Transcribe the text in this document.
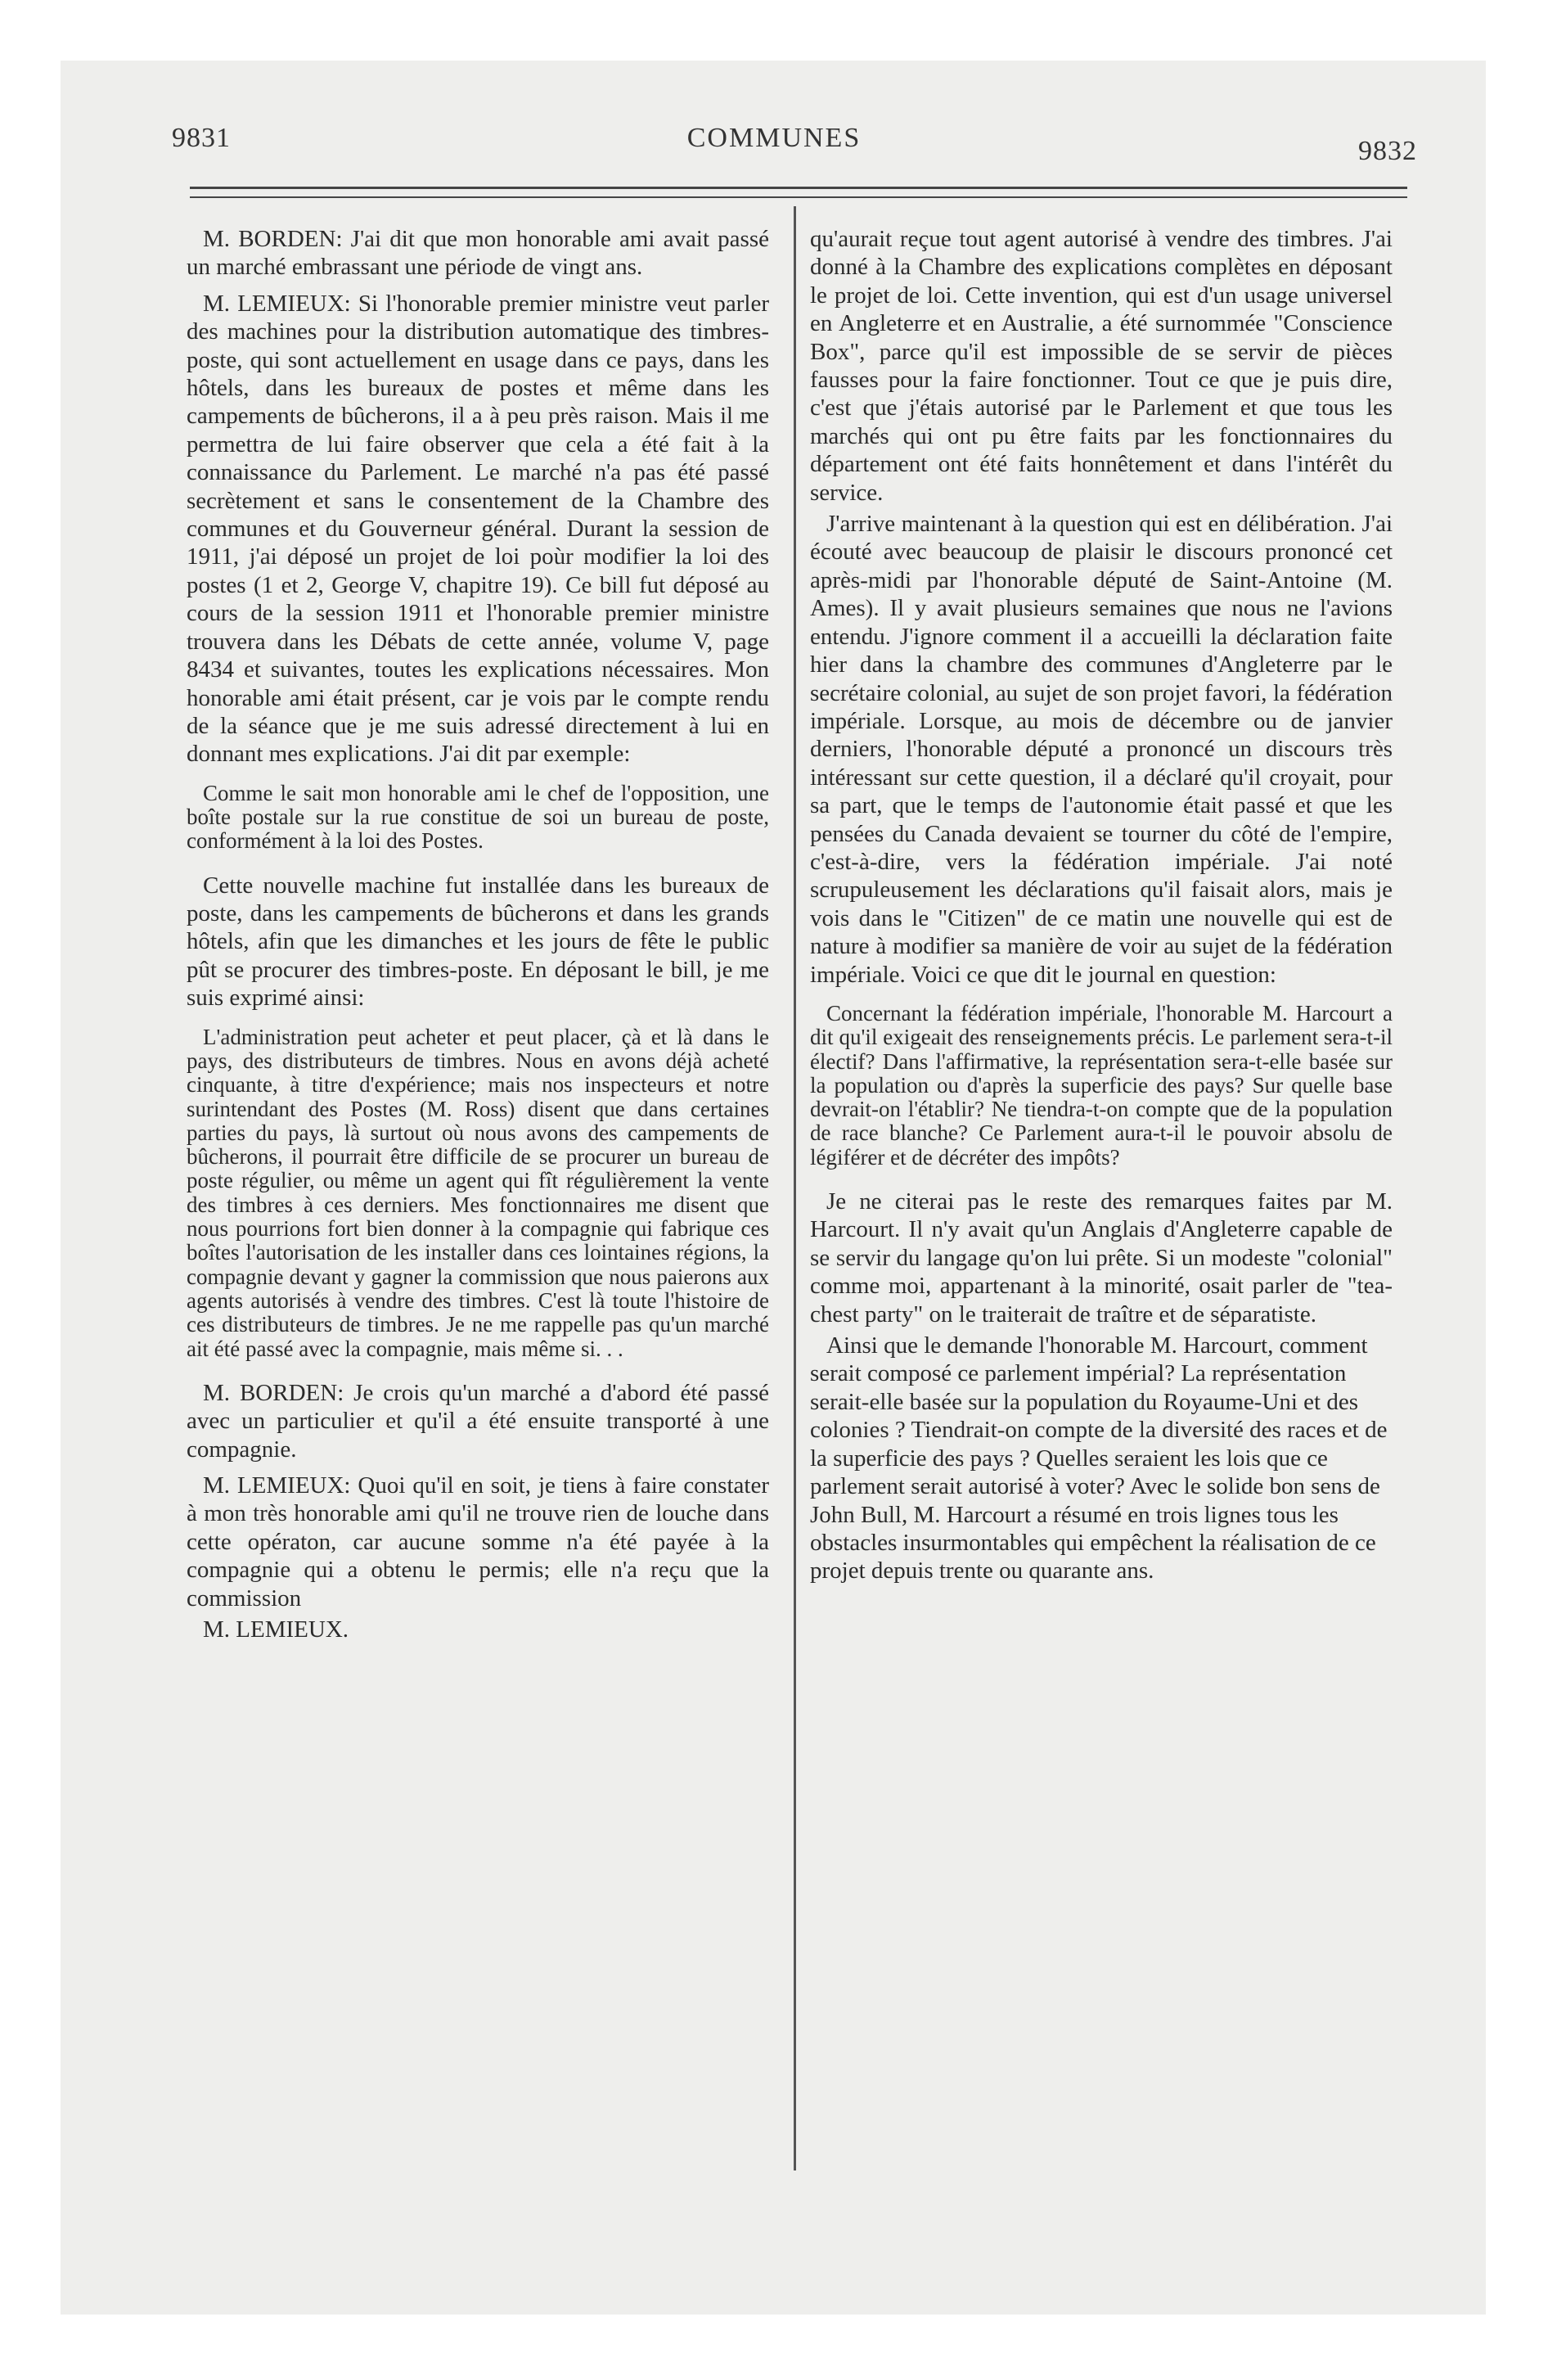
9831	COMMUNES	9832

M. BORDEN: J'ai dit que mon honorable ami avait passé un marché embrassant une période de vingt ans.

M. LEMIEUX: Si l'honorable premier ministre veut parler des machines pour la distribution automatique des timbres-poste, qui sont actuellement en usage dans ce pays, dans les hôtels, dans les bureaux de postes et même dans les campements de bûcherons, il a à peu près raison. Mais il me permettra de lui faire observer que cela a été fait à la connaissance du Parlement. Le marché n'a pas été passé secrètement et sans le consentement de la Chambre des communes et du Gouverneur général. Durant la session de 1911, j'ai déposé un projet de loi poùr modifier la loi des postes (1 et 2, George V, chapitre 19). Ce bill fut déposé au cours de la session 1911 et l'honorable premier ministre trouvera dans les Débats de cette année, volume V, page 8434 et suivantes, toutes les explications nécessaires. Mon honorable ami était présent, car je vois par le compte rendu de la séance que je me suis adressé directement à lui en donnant mes explications. J'ai dit par exemple:

Comme le sait mon honorable ami le chef de l'opposition, une boîte postale sur la rue constitue de soi un bureau de poste, conformément à la loi des Postes.

Cette nouvelle machine fut installée dans les bureaux de poste, dans les campements de bûcherons et dans les grands hôtels, afin que les dimanches et les jours de fête le public pût se procurer des timbres-poste. En déposant le bill, je me suis exprimé ainsi:

L'administration peut acheter et peut placer, çà et là dans le pays, des distributeurs de timbres. Nous en avons déjà acheté cinquante, à titre d'expérience; mais nos inspecteurs et notre surintendant des Postes (M. Ross) disent que dans certaines parties du pays, là surtout où nous avons des campements de bûcherons, il pourrait être difficile de se procurer un bureau de poste régulier, ou même un agent qui fît régulièrement la vente des timbres à ces derniers. Mes fonctionnaires me disent que nous pourrions fort bien donner à la compagnie qui fabrique ces boîtes l'autorisation de les installer dans ces lointaines régions, la compagnie devant y gagner la commission que nous paierons aux agents autorisés à vendre des timbres. C'est là toute l'histoire de ces distributeurs de timbres. Je ne me rappelle pas qu'un marché ait été passé avec la compagnie, mais même si. . .

M. BORDEN: Je crois qu'un marché a d'abord été passé avec un particulier et qu'il a été ensuite transporté à une compagnie.

M. LEMIEUX: Quoi qu'il en soit, je tiens à faire constater à mon très honorable ami qu'il ne trouve rien de louche dans cette opératon, car aucune somme n'a été payée à la compagnie qui a obtenu le permis; elle n'a reçu que la commission

M. LEMIEUX.

qu'aurait reçue tout agent autorisé à vendre des timbres. J'ai donné à la Chambre des explications complètes en déposant le projet de loi. Cette invention, qui est d'un usage universel en Angleterre et en Australie, a été surnommée "Conscience Box", parce qu'il est impossible de se servir de pièces fausses pour la faire fonctionner. Tout ce que je puis dire, c'est que j'étais autorisé par le Parlement et que tous les marchés qui ont pu être faits par les fonctionnaires du département ont été faits honnêtement et dans l'intérêt du service.

J'arrive maintenant à la question qui est en délibération. J'ai écouté avec beaucoup de plaisir le discours prononcé cet après-midi par l'honorable député de Saint-Antoine (M. Ames). Il y avait plusieurs semaines que nous ne l'avions entendu. J'ignore comment il a accueilli la déclaration faite hier dans la chambre des communes d'Angleterre par le secrétaire colonial, au sujet de son projet favori, la fédération impériale. Lorsque, au mois de décembre ou de janvier derniers, l'honorable député a prononcé un discours très intéressant sur cette question, il a déclaré qu'il croyait, pour sa part, que le temps de l'autonomie était passé et que les pensées du Canada devaient se tourner du côté de l'empire, c'est-à-dire, vers la fédération impériale. J'ai noté scrupuleusement les déclarations qu'il faisait alors, mais je vois dans le "Citizen" de ce matin une nouvelle qui est de nature à modifier sa manière de voir au sujet de la fédération impériale. Voici ce que dit le journal en question:

Concernant la fédération impériale, l'honorable M. Harcourt a dit qu'il exigeait des renseignements précis. Le parlement sera-t-il électif? Dans l'affirmative, la représentation sera-t-elle basée sur la population ou d'après la superficie des pays? Sur quelle base devrait-on l'établir? Ne tiendra-t-on compte que de la population de race blanche? Ce Parlement aura-t-il le pouvoir absolu de légiférer et de décréter des impôts?

Je ne citerai pas le reste des remarques faites par M. Harcourt. Il n'y avait qu'un Anglais d'Angleterre capable de se servir du langage qu'on lui prête. Si un modeste "colonial" comme moi, appartenant à la minorité, osait parler de "tea-chest party" on le traiterait de traître et de séparatiste.

Ainsi que le demande l'honorable M. Harcourt, comment serait composé ce parlement impérial? La représentation serait-elle basée sur la population du Royaume-Uni et des colonies ? Tiendrait-on compte de la diversité des races et de la superficie des pays ? Quelles seraient les lois que ce parlement serait autorisé à voter? Avec le solide bon sens de John Bull, M. Harcourt a résumé en trois lignes tous les obstacles insurmontables qui empêchent la réalisation de ce projet depuis trente ou quarante ans.
